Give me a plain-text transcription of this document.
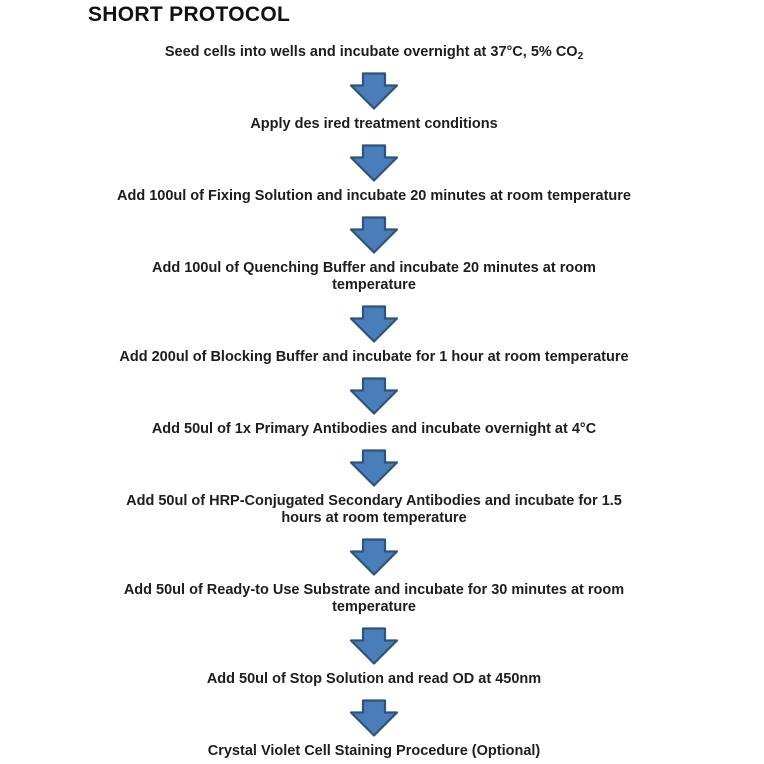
SHORT PROTOCOL
Seed cells into wells and incubate overnight at 37°C, 5% $CO_2$
Apply des ired treatment conditions
Add 100ul of Fixing Solution and incubate 20 minutes at room temperature
Add 100ul of Quenching Buffer and incubate 20 minutes at room
temperature
Add 200ul of Blocking Buffer and incubate for 1 hour at room temperature
Add 50ul of 1x Primary Antibodies and incubate overnight at 4°C
Add 50ul of HRP-Conjugated Secondary Antibodies and incubate for 1.5
hours at room temperature
Add 50ul of Ready-to Use Substrate and incubate for 30 minutes at room
temperature
Add 50ul of Stop Solution and read OD at 450nm
Crystal Violet Cell Staining Procedure (Optional)
